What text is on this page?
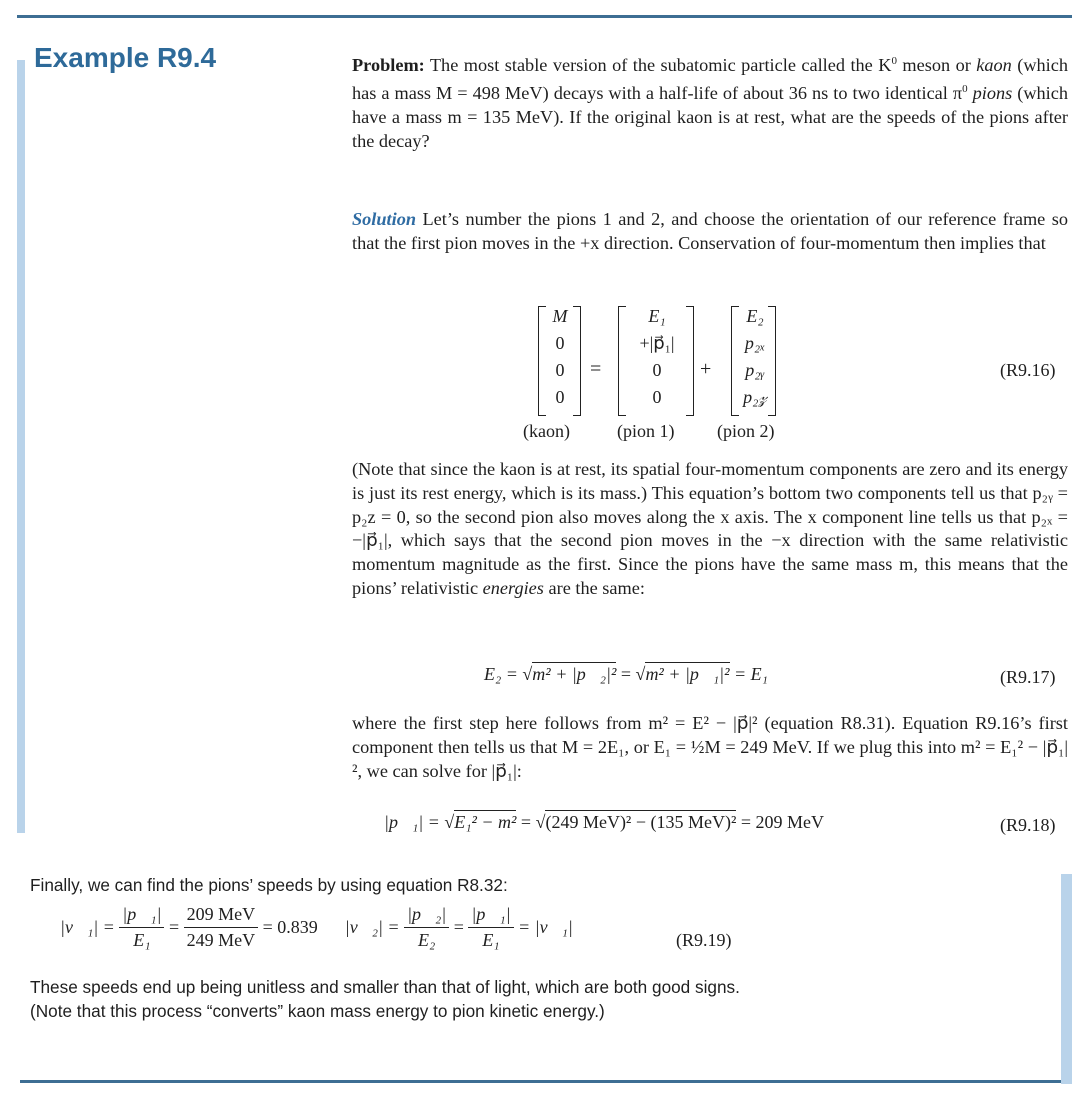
Example R9.4	Problem: The most stable version of the subatomic particle called the $K^0$ meson or kaon (which has a mass M = 498 MeV) decays with a half-life of about 36 ns to two identical $\pi^0$ pions (which have a mass m = 135 MeV). If the original kaon is at rest, what are the speeds of the pions after the decay?

Solution Let’s number the pions 1 and 2, and choose the orientation of our reference frame so that the first pion moves in the +x direction. Conservation of four-momentum then implies that

M
0
0
0
=
E₁
+|p⃗₁|
0
0
+
E₂
p₂ₓ
p₂ᵧ
p₂𝓏
(kaon)	(pion 1) (pion 2)
(R9.16)

(Note that since the kaon is at rest, its spatial four-momentum components are zero and its energy is just its rest energy, which is its mass.) This equation’s bottom two components tell us that p₂ᵧ = p₂z = 0, so the second pion also moves along the x axis. The x component line tells us that p₂ₓ = −|p⃗₁|, which says that the second pion moves in the −x direction with the same relativistic momentum magnitude as the first. Since the pions have the same mass m, this means that the pions’ relativistic energies are the same:

E₂ = √m² + |p⃗₂|² = √m² + |p⃗₁|² = E₁	(R9.17)

where the first step here follows from m² = E² − |p⃗|² (equation R8.31). Equation R9.16’s first component then tells us that M = 2E₁, or E₁ = ½M = 249 MeV. If we plug this into m² = E₁² − |p⃗₁|², we can solve for |p⃗₁|:

|p⃗₁| = √E₁² − m² = √(249 MeV)² − (135 MeV)² = 209 MeV	(R9.18)
Finally, we can find the pions’ speeds by using equation R8.32:
|v⃗₁| = $\frac{\text{|p⃗₁|}}{\text{E₁}} = \frac{\text{209 MeV}}{\text{249 MeV}} = 0.839$ |v⃗₂| = $\frac{\text{|p⃗₂|}}{\text{E₂}} = \frac{\text{|p⃗₁|}}{\text{E₁}}$ = |v⃗₁|
(R9.19)
These speeds end up being unitless and smaller than that of light, which are both good signs. (Note that this process “converts” kaon mass energy to pion kinetic energy.)
